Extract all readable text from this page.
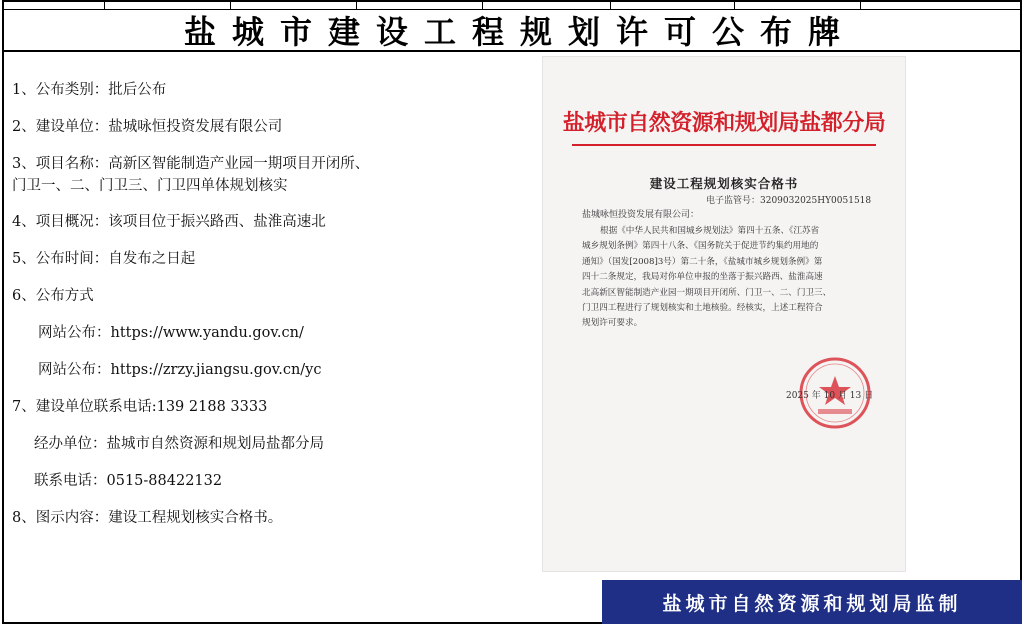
盐城市建设工程规划许可公布牌
1、公布类别：批后公布
2、建设单位：盐城咏恒投资发展有限公司
3、项目名称：高新区智能制造产业园一期项目开闭所、
门卫一、二、门卫三、门卫四单体规划核实
4、项目概况：该项目位于振兴路西、盐淮高速北
5、公布时间：自发布之日起
6、公布方式
网站公布：https://www.yandu.gov.cn/
网站公布：https://zrzy.jiangsu.gov.cn/yc
7、建设单位联系电话:139 2188 3333
经办单位：盐城市自然资源和规划局盐都分局
联系电话：0515-88422132
8、图示内容：建设工程规划核实合格书。
盐城市自然资源和规划局监制
盐城市自然资源和规划局盐都分局
建设工程规划核实合格书
电子监管号：3209032025HY0051518
盐城咏恒投资发展有限公司：
根据《中华人民共和国城乡规划法》第四十五条、《江苏省
城乡规划条例》第四十八条、《国务院关于促进节约集约用地的
通知》（国发[2008]3号）第二十条，《盐城市城乡规划条例》第
四十二条规定，我局对你单位申报的坐落于振兴路西、盐淮高速
北高新区智能制造产业园一期项目开闭所、门卫一、二、门卫三、
门卫四工程进行了规划核实和土地核验。经核实，上述工程符合
规划许可要求。
2025 年 10 月 13 日
